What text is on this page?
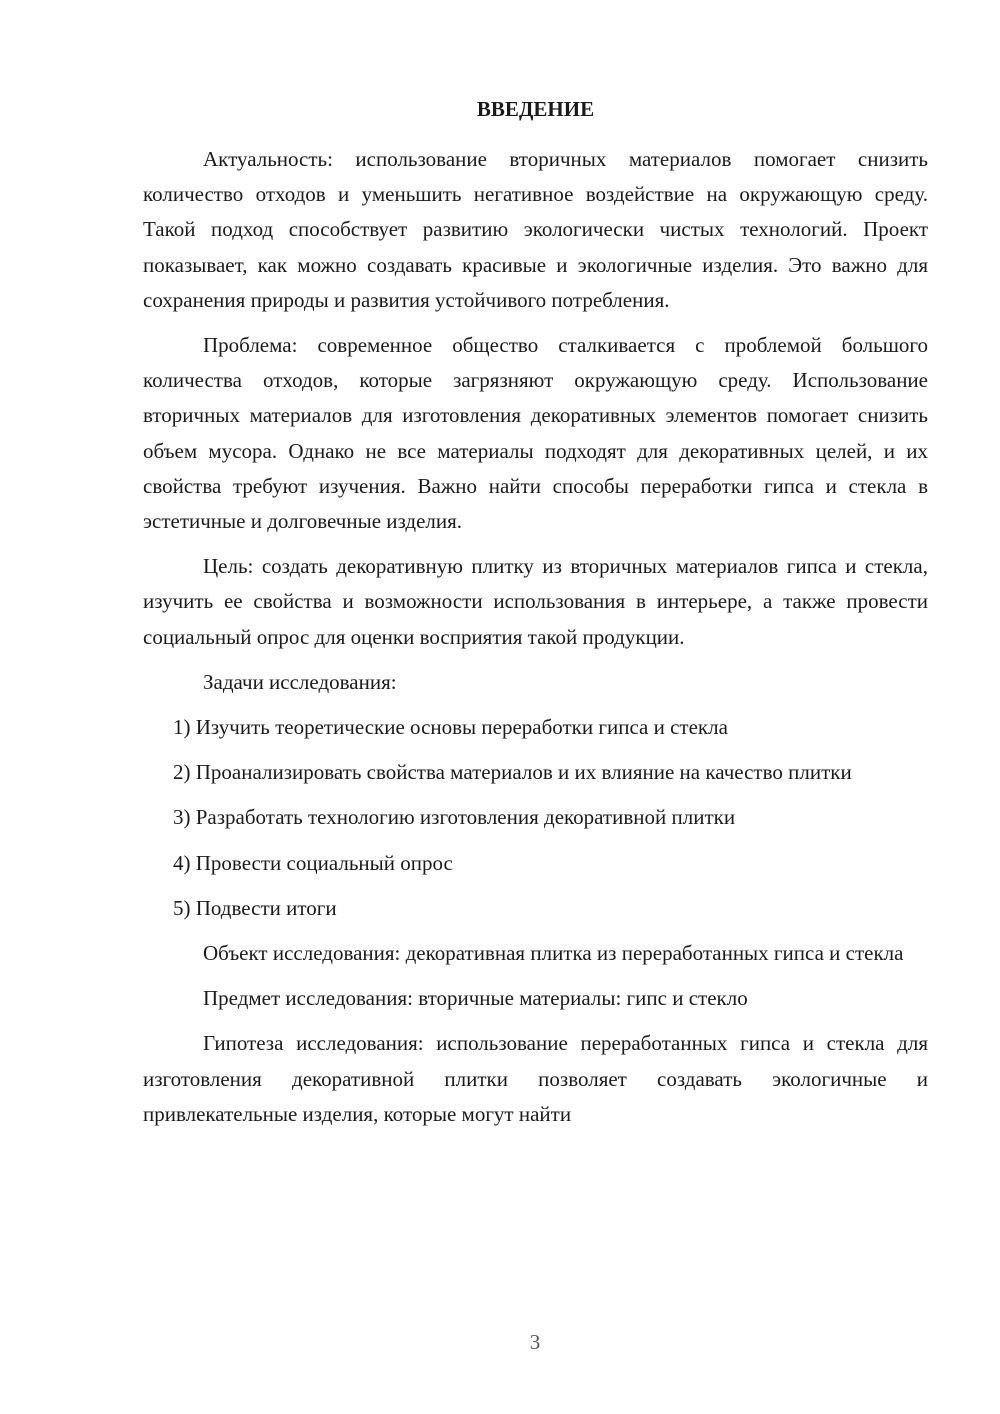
ВВЕДЕНИЕ

Актуальность: использование вторичных материалов помогает снизить количество отходов и уменьшить негативное воздействие на окружающую среду. Такой подход способствует развитию экологически чистых технологий. Проект показывает, как можно создавать красивые и экологичные изделия. Это важно для сохранения природы и развития устойчивого потребления.

Проблема: современное общество сталкивается с проблемой большого количества отходов, которые загрязняют окружающую среду. Использование вторичных материалов для изготовления декоративных элементов помогает снизить объем мусора. Однако не все материалы подходят для декоративных целей, и их свойства требуют изучения. Важно найти способы переработки гипса и стекла в эстетичные и долговечные изделия.

Цель: создать декоративную плитку из вторичных материалов гипса и стекла, изучить ее свойства и возможности использования в интерьере, а также провести социальный опрос для оценки восприятия такой продукции.

Задачи исследования:

1) Изучить теоретические основы переработки гипса и стекла

2) Проанализировать свойства материалов и их влияние на качество плитки

3) Разработать технологию изготовления декоративной плитки

4) Провести социальный опрос

5) Подвести итоги

Объект исследования: декоративная плитка из переработанных гипса и стекла

Предмет исследования: вторичные материалы: гипс и стекло

Гипотеза исследования: использование переработанных гипса и стекла для изготовления декоративной плитки позволяет создавать экологичные и привлекательные изделия, которые могут найти

3
